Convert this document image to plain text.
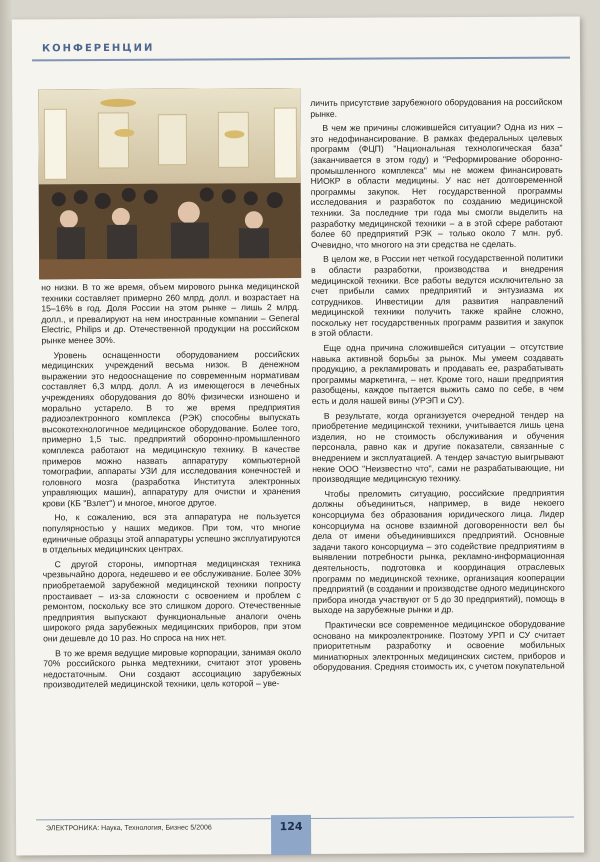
КОНФЕРЕНЦИИ

но низки. В то же время, объем мирового рынка медицинской техники составляет примерно 260 млрд. долл. и возрастает на 15–16% в год. Доля России на этом рынке – лишь 2 млрд. долл., и превалируют на нем иностранные компании – General Electric, Philips и др. Отечественной продукции на российском рынке менее 30%.

Уровень оснащенности оборудованием российских медицинских учреждений весьма низок. В денежном выражении это недооснащение по современным нормативам составляет 6,3 млрд. долл. А из имеющегося в лечебных учреждениях оборудования до 80% физически изношено и морально устарело. В то же время предприятия радиоэлектронного комплекса (РЭК) способны выпускать высокотехнологичное медицинское оборудование. Более того, примерно 1,5 тыс. предприятий оборонно-промышленного комплекса работают на медицинскую технику. В качестве примеров можно назвать аппаратуру компьютерной томографии, аппараты УЗИ для исследования конечностей и головного мозга (разработка Института электронных управляющих машин), аппаратуру для очистки и хранения крови (КБ "Взлет") и многое, многое другое.

Но, к сожалению, вся эта аппаратура не пользуется популярностью у наших медиков. При том, что многие единичные образцы этой аппаратуры успешно эксплуатируются в отдельных медицинских центрах.

С другой стороны, импортная медицинская техника чрезвычайно дорога, недешево и ее обслуживание. Более 30% приобретаемой зарубежной медицинской техники попросту простаивает – из-за сложности с освоением и проблем с ремонтом, поскольку все это слишком дорого. Отечественные предприятия выпускают функциональные аналоги очень широкого ряда зарубежных медицинских приборов, при этом они дешевле до 10 раз. Но спроса на них нет.

В то же время ведущие мировые корпорации, занимая около 70% российского рынка медтехники, считают этот уровень недостаточным. Они создают ассоциацию зарубежных производителей медицинской техники, цель которой – уве-

личить присутствие зарубежного оборудования на российском рынке.

В чем же причины сложившейся ситуации? Одна из них – это недофинансирование. В рамках федеральных целевых программ (ФЦП) "Национальная технологическая база" (заканчивается в этом году) и "Реформирование оборонно-промышленного комплекса" мы не можем финансировать НИОКР в области медицины. У нас нет долговременной программы закупок. Нет государственной программы исследования и разработок по созданию медицинской техники. За последние три года мы смогли выделить на разработку медицинской техники – а в этой сфере работают более 60 предприятий РЭК – только около 7 млн. руб. Очевидно, что многого на эти средства не сделать.

В целом же, в России нет четкой государственной политики в области разработки, производства и внедрения медицинской техники. Все работы ведутся исключительно за счет прибыли самих предприятий и энтузиазма их сотрудников. Инвестиции для развития направлений медицинской техники получить также крайне сложно, поскольку нет государственных программ развития и закупок в этой области.

Еще одна причина сложившейся ситуации – отсутствие навыка активной борьбы за рынок. Мы умеем создавать продукцию, а рекламировать и продавать ее, разрабатывать программы маркетинга, – нет. Кроме того, наши предприятия разобщены, каждое пытается выжить само по себе, в чем есть и доля нашей вины (УРЭП и СУ).

В результате, когда организуется очередной тендер на приобретение медицинской техники, учитывается лишь цена изделия, но не стоимость обслуживания и обучения персонала, равно как и другие показатели, связанные с внедрением и эксплуатацией. А тендер зачастую выигрывают некие ООО "Неизвестно что", сами не разрабатывающие, ни производящие медицинскую технику.

Чтобы преломить ситуацию, российские предприятия должны объединиться, например, в виде некоего консорциума без образования юридического лица. Лидер консорциума на основе взаимной договоренности вел бы дела от имени объединившихся предприятий. Основные задачи такого консорциума – это содействие предприятиям в выявлении потребности рынка, рекламно-информационная деятельность, подготовка и координация отраслевых программ по медицинской технике, организация кооперации предприятий (в создании и производстве одного медицинского прибора иногда участвуют от 5 до 30 предприятий), помощь в выходе на зарубежные рынки и др.

Практически все современное медицинское оборудование основано на микроэлектронике. Поэтому УРП и СУ считает приоритетным разработку и освоение мобильных миниатюрных электронных медицинских систем, приборов и оборудования. Средняя стоимость их, с учетом покупательной

ЭЛЕКТРОНИКА: Наука, Технология, Бизнес 5/2006	124
